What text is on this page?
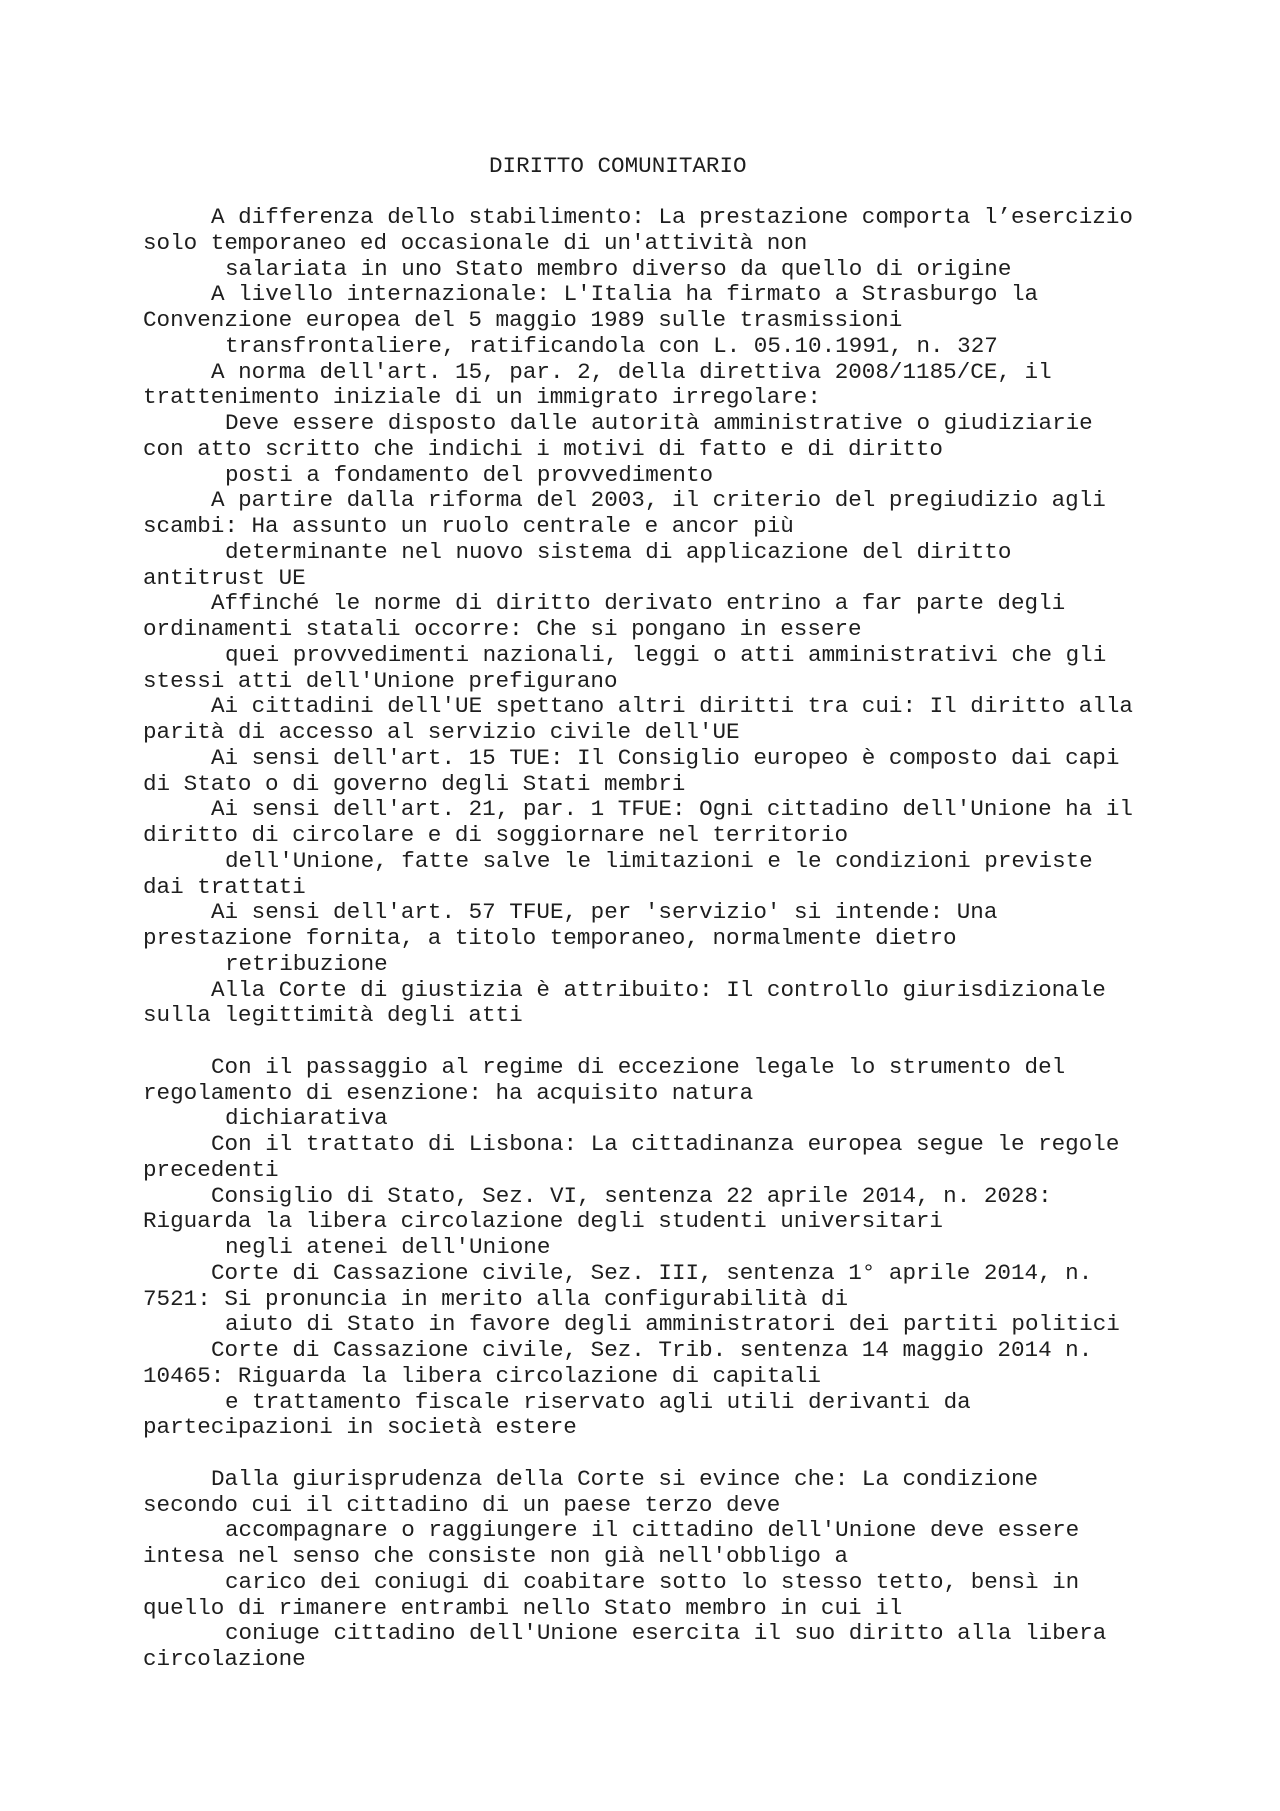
DIRITTO COMUNITARIO
A differenza dello stabilimento: La prestazione comporta l’esercizio
solo temporaneo ed occasionale di un'attività non
salariata in uno Stato membro diverso da quello di origine
A livello internazionale: L'Italia ha firmato a Strasburgo la
Convenzione europea del 5 maggio 1989 sulle trasmissioni
transfrontaliere, ratificandola con L. 05.10.1991, n. 327
A norma dell'art. 15, par. 2, della direttiva 2008/1185/CE, il
trattenimento iniziale di un immigrato irregolare:
Deve essere disposto dalle autorità amministrative o giudiziarie
con atto scritto che indichi i motivi di fatto e di diritto
posti a fondamento del provvedimento
A partire dalla riforma del 2003, il criterio del pregiudizio agli
scambi: Ha assunto un ruolo centrale e ancor più
determinante nel nuovo sistema di applicazione del diritto
antitrust UE
Affinché le norme di diritto derivato entrino a far parte degli
ordinamenti statali occorre: Che si pongano in essere
quei provvedimenti nazionali, leggi o atti amministrativi che gli
stessi atti dell'Unione prefigurano
Ai cittadini dell'UE spettano altri diritti tra cui: Il diritto alla
parità di accesso al servizio civile dell'UE
Ai sensi dell'art. 15 TUE: Il Consiglio europeo è composto dai capi
di Stato o di governo degli Stati membri
Ai sensi dell'art. 21, par. 1 TFUE: Ogni cittadino dell'Unione ha il
diritto di circolare e di soggiornare nel territorio
dell'Unione, fatte salve le limitazioni e le condizioni previste
dai trattati
Ai sensi dell'art. 57 TFUE, per 'servizio' si intende: Una
prestazione fornita, a titolo temporaneo, normalmente dietro
retribuzione
Alla Corte di giustizia è attribuito: Il controllo giurisdizionale
sulla legittimità degli atti
Con il passaggio al regime di eccezione legale lo strumento del
regolamento di esenzione: ha acquisito natura
dichiarativa
Con il trattato di Lisbona: La cittadinanza europea segue le regole
precedenti
Consiglio di Stato, Sez. VI, sentenza 22 aprile 2014, n. 2028:
Riguarda la libera circolazione degli studenti universitari
negli atenei dell'Unione
Corte di Cassazione civile, Sez. III, sentenza 1° aprile 2014, n.
7521: Si pronuncia in merito alla configurabilità di
aiuto di Stato in favore degli amministratori dei partiti politici
Corte di Cassazione civile, Sez. Trib. sentenza 14 maggio 2014 n.
10465: Riguarda la libera circolazione di capitali
e trattamento fiscale riservato agli utili derivanti da
partecipazioni in società estere
Dalla giurisprudenza della Corte si evince che: La condizione
secondo cui il cittadino di un paese terzo deve
accompagnare o raggiungere il cittadino dell'Unione deve essere
intesa nel senso che consiste non già nell'obbligo a
carico dei coniugi di coabitare sotto lo stesso tetto, bensì in
quello di rimanere entrambi nello Stato membro in cui il
coniuge cittadino dell'Unione esercita il suo diritto alla libera
circolazione
